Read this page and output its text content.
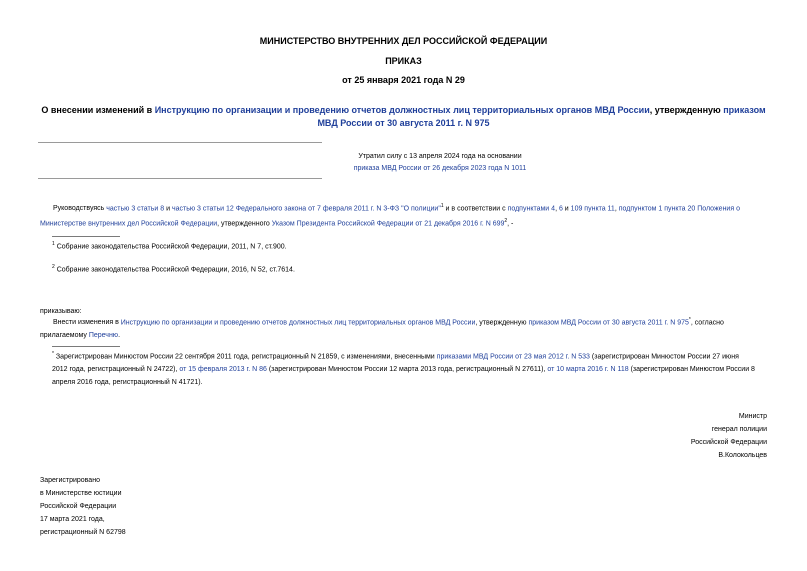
МИНИСТЕРСТВО ВНУТРЕННИХ ДЕЛ РОССИЙСКОЙ ФЕДЕРАЦИИ
ПРИКАЗ
от 25 января 2021 года N 29
О внесении изменений в Инструкцию по организации и проведению отчетов должностных лиц территориальных органов МВД России, утвержденную приказом
МВД России от 30 августа 2011 г. N 975
Утратил силу с 13 апреля 2024 года на основании
приказа МВД России от 26 декабря 2023 года N 1011
Руководствуясь частью 3 статьи 8 и частью 3 статьи 12 Федерального закона от 7 февраля 2011 г. N 3-ФЗ "О полиции"$^1$ и в соответствии с подпунктами 4, 6 и 109 пункта 11, подпунктом 1 пункта 20 Положения о
Министерстве внутренних дел Российской Федерации, утвержденного Указом Президента Российской Федерации от 21 декабря 2016 г. N $699^2$, -
$^1$ Собрание законодательства Российской Федерации, 2011, N 7, ст.900.
$^2$ Собрание законодательства Российской Федерации, 2016, N 52, ст.7614.
приказываю:
Внести изменения в Инструкцию по организации и проведению отчетов должностных лиц территориальных органов МВД России, утвержденную приказом МВД России от 30 августа 2011 г. N 975*, согласно
прилагаемому Перечню.
* Зарегистрирован Минюстом России 22 сентября 2011 года, регистрационный N 21859, с изменениями, внесенными приказами МВД России от 23 мая 2012 г. N 533 (зарегистрирован Минюстом России 27 июня
2012 года, регистрационный N 24722), от 15 февраля 2013 г. N 86 (зарегистрирован Минюстом России 12 марта 2013 года, регистрационный N 27611), от 10 марта 2016 г. N 118 (зарегистрирован Минюстом России 8
апреля 2016 года, регистрационный N 41721).
Министр
генерал полиции
Российской Федерации
В.Колокольцев
Зарегистрировано
в Министерстве юстиции
Российской Федерации
17 марта 2021 года,
регистрационный N 62798
